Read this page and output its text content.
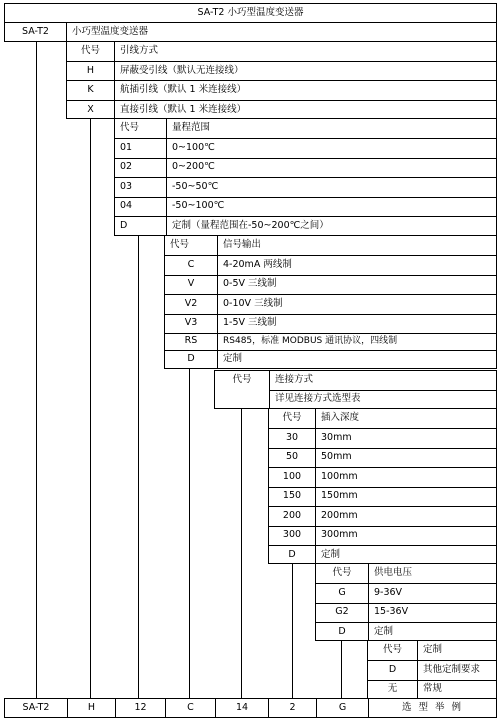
SA-T2 小巧型温度变送器
SA-T2	小巧型温度变送器
代号	引线方式
H	屏蔽受引线（默认无连接线）
K	航插引线（默认 1 米连接线）
X	直接引线（默认 1 米连接线）
代号	量程范围
01	0~100℃
02	0~200℃
03	-50~50℃
04	-50~100℃
D	定制（量程范围在-50~200℃之间）
代号	信号输出
C	4-20mA 两线制
V	0-5V 三线制
V2	0-10V 三线制
V3	1-5V 三线制
RS	RS485，标准 MODBUS 通讯协议，四线制
D	定制
代号	连接方式
详见连接方式选型表
代号	插入深度
30	30mm
50	50mm
100	100mm
150	150mm
200	200mm
300	300mm
D	定制
代号	供电电压
G	9-36V
G2	15-36V
D	定制
代号	定制
D	其他定制要求
无	常规
SA-T2	H	12	C	14	2	G	选 型 举 例
